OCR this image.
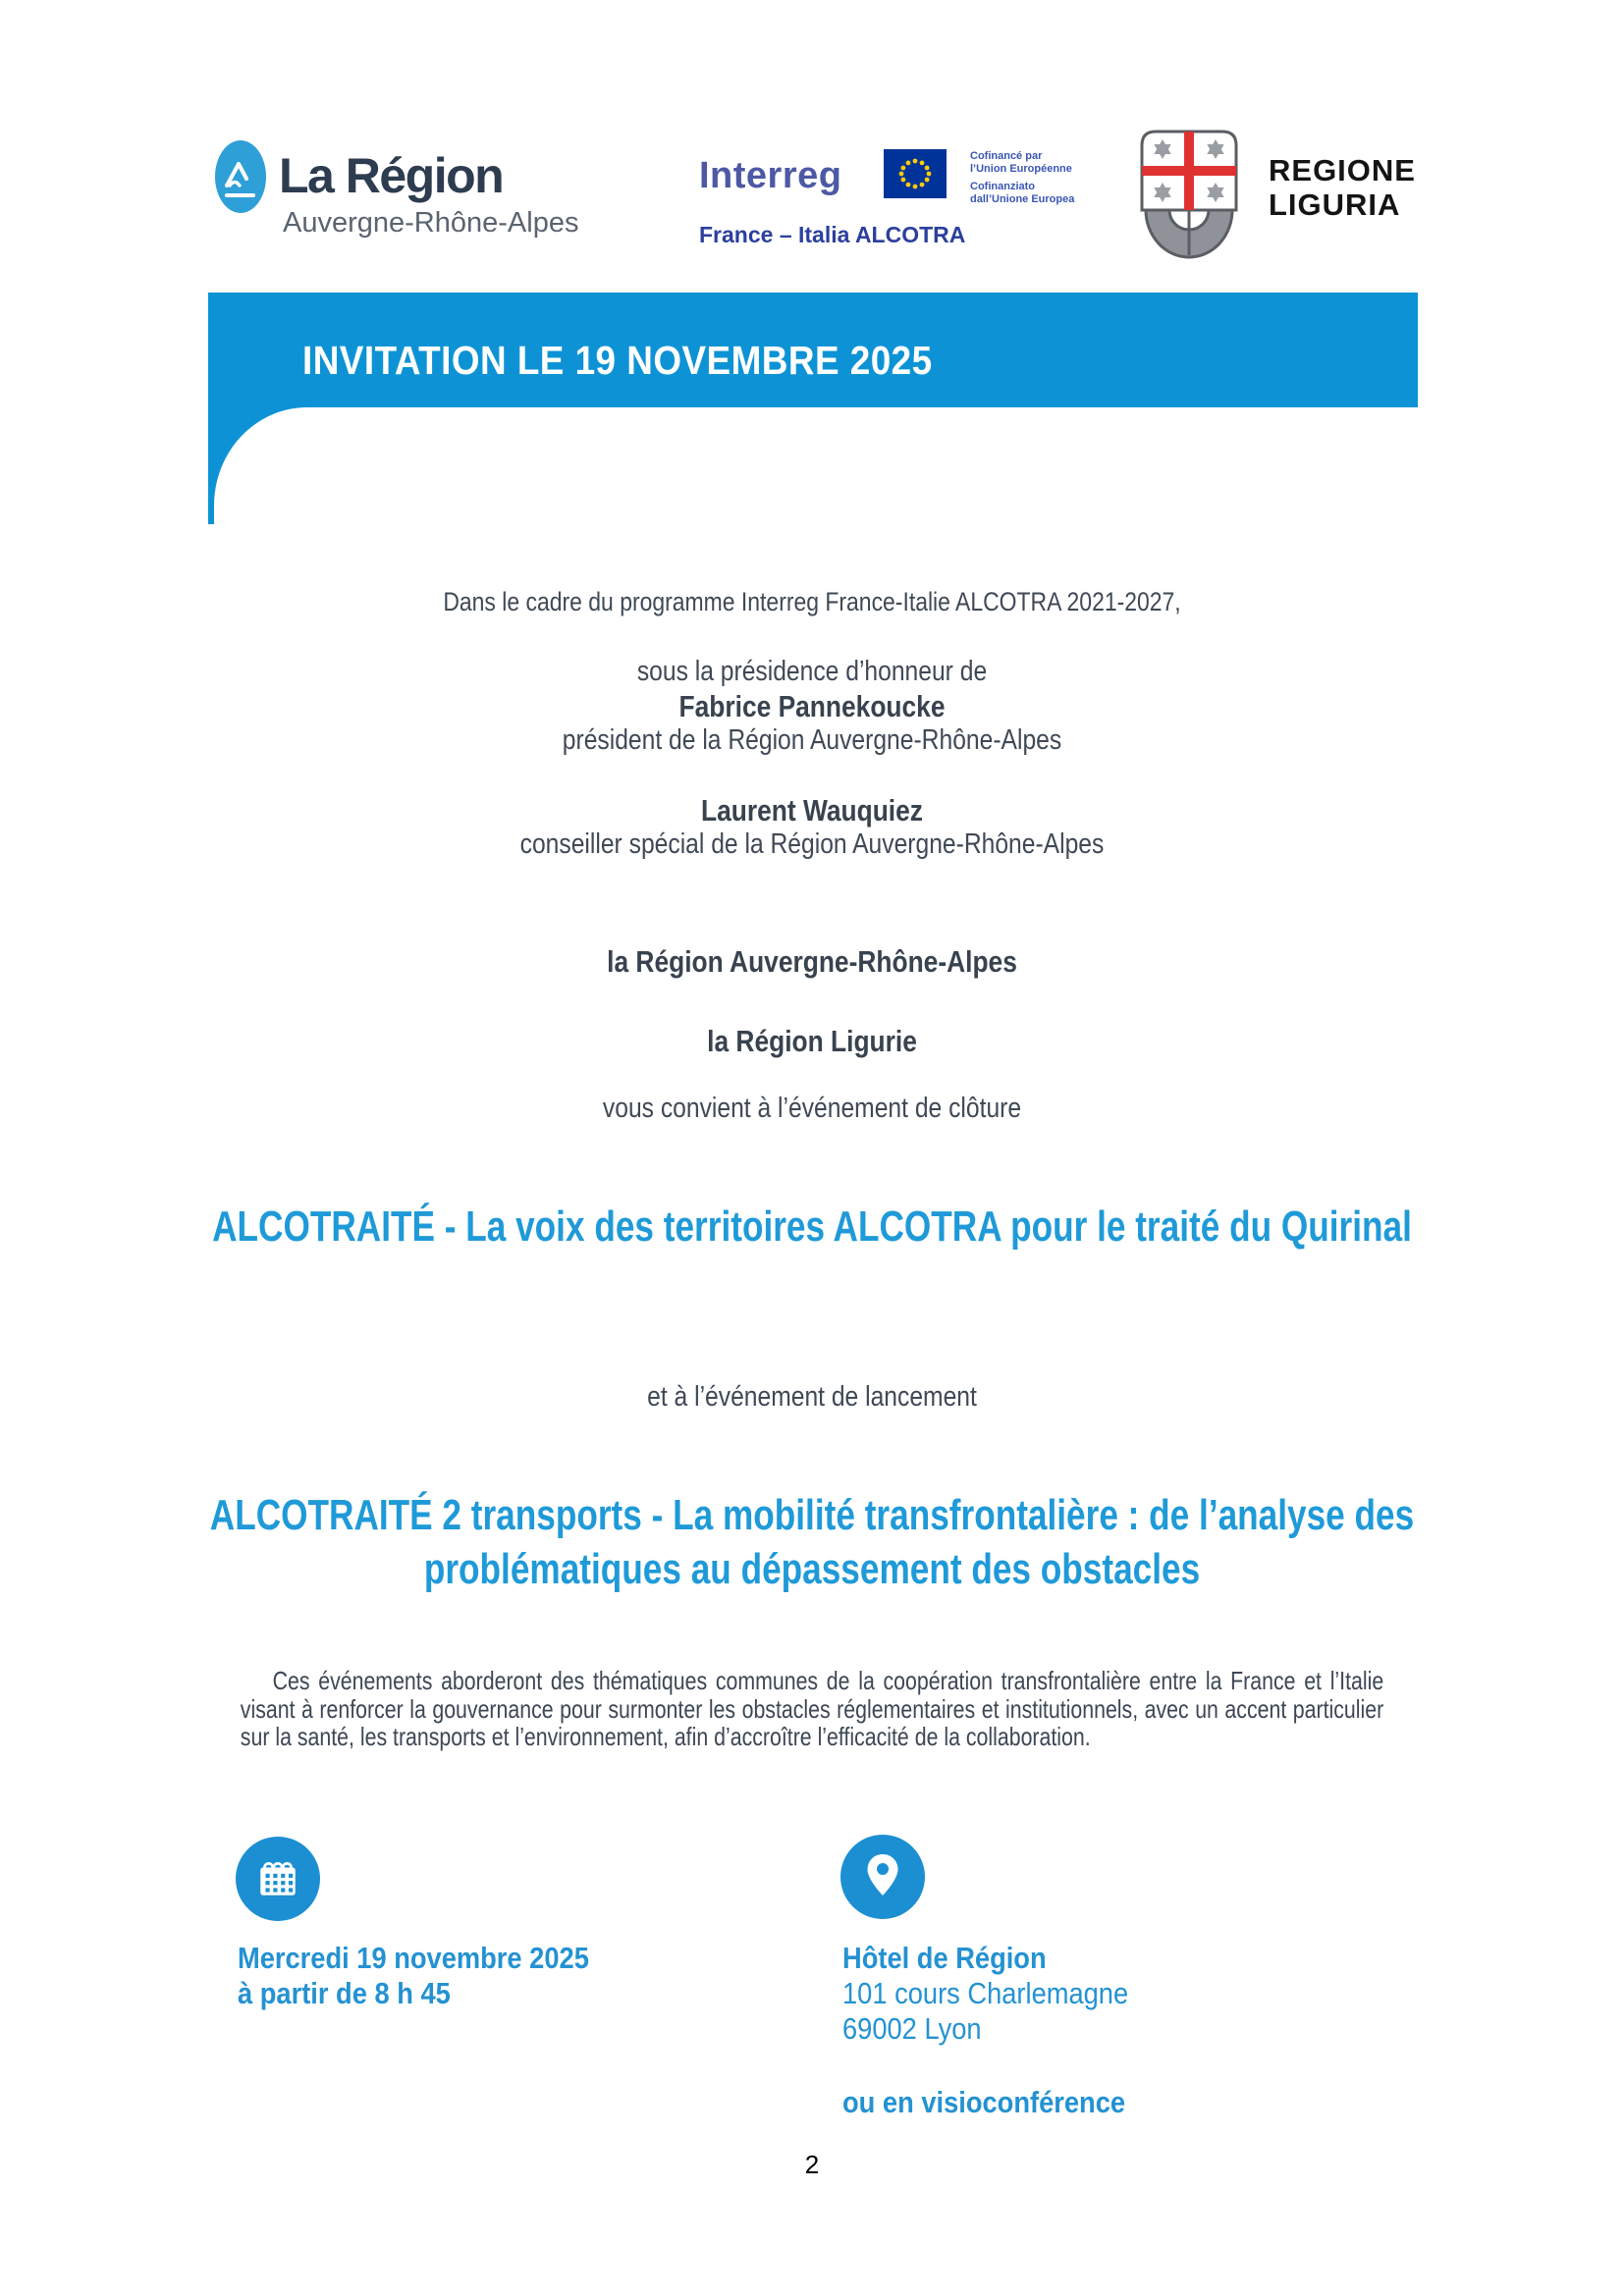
La Région
Auvergne-Rhône-Alpes
Interreg	Cofinancé par
l’Union Européenne
Cofinanziato
dall’Unione Europea
France – Italia ALCOTRA
REGIONE
LIGURIA
INVITATION LE 19 NOVEMBRE 2025
Dans le cadre du programme Interreg France-Italie ALCOTRA 2021-2027,
sous la présidence d’honneur de
Fabrice Pannekoucke
président de la Région Auvergne-Rhône-Alpes
Laurent Wauquiez
conseiller spécial de la Région Auvergne-Rhône-Alpes
la Région Auvergne-Rhône-Alpes
la Région Ligurie
vous convient à l’événement de clôture
ALCOTRAITÉ - La voix des territoires ALCOTRA pour le traité du Quirinal
et à l’événement de lancement
ALCOTRAITÉ 2 transports - La mobilité transfrontalière : de l’analyse des problématiques au dépassement des obstacles
Ces événements aborderont des thématiques communes de la coopération transfrontalière entre la France et l’Italie visant à renforcer la gouvernance pour surmonter les obstacles réglementaires et institutionnels, avec un accent particulier sur la santé, les transports et l’environnement, afin d’accroître l’efficacité de la collaboration.
Mercredi 19 novembre 2025
à partir de 8 h 45
Hôtel de Région
101 cours Charlemagne
69002 Lyon
ou en visioconférence
2
